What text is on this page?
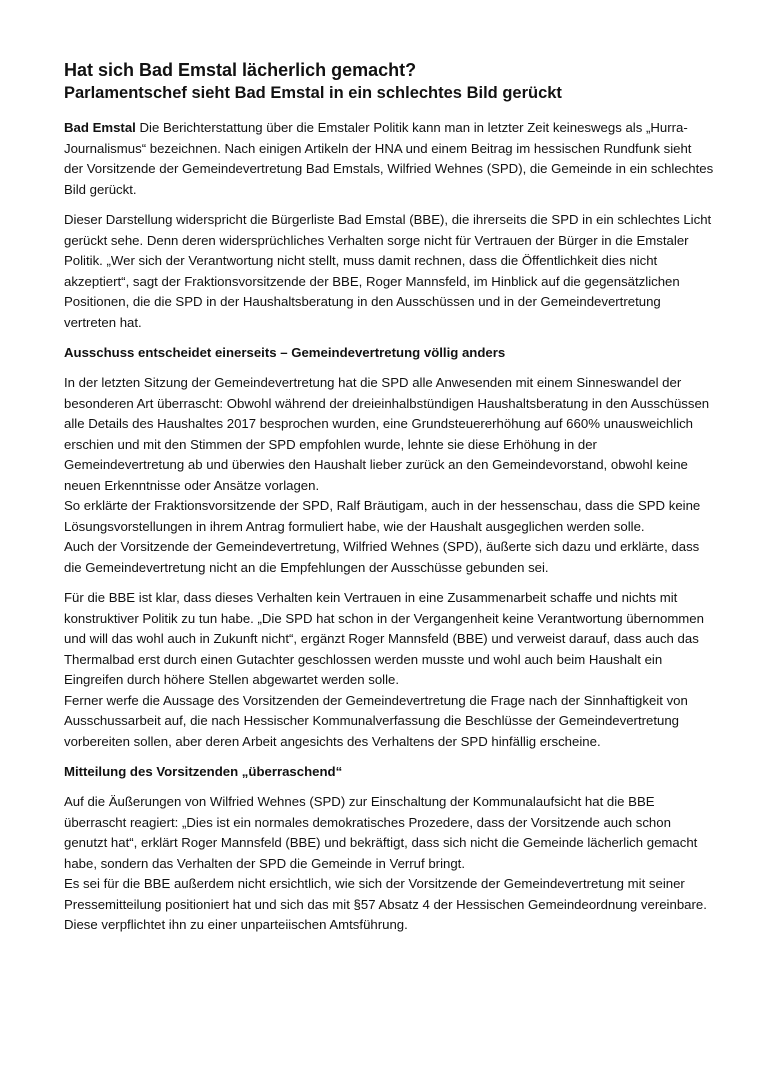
Hat sich Bad Emstal lächerlich gemacht?
Parlamentschef sieht Bad Emstal in ein schlechtes Bild gerückt

Bad Emstal Die Berichterstattung über die Emstaler Politik kann man in letzter Zeit keineswegs als „Hurra-Journalismus“ bezeichnen. Nach einigen Artikeln der HNA und einem Beitrag im hessischen Rundfunk sieht der Vorsitzende der Gemeindevertretung Bad Emstals, Wilfried Wehnes (SPD), die Gemeinde in ein schlechtes Bild gerückt.

Dieser Darstellung widerspricht die Bürgerliste Bad Emstal (BBE), die ihrerseits die SPD in ein schlechtes Licht gerückt sehe. Denn deren widersprüchliches Verhalten sorge nicht für Vertrauen der Bürger in die Emstaler Politik. „Wer sich der Verantwortung nicht stellt, muss damit rechnen, dass die Öffentlichkeit dies nicht akzeptiert“, sagt der Fraktionsvorsitzende der BBE, Roger Mannsfeld, im Hinblick auf die gegensätzlichen Positionen, die die SPD in der Haushaltsberatung in den Ausschüssen und in der Gemeindevertretung vertreten hat.

Ausschuss entscheidet einerseits – Gemeindevertretung völlig anders

In der letzten Sitzung der Gemeindevertretung hat die SPD alle Anwesenden mit einem Sinneswandel der besonderen Art überrascht: Obwohl während der dreieinhalbstündigen Haushaltsberatung in den Ausschüssen alle Details des Haushaltes 2017 besprochen wurden, eine Grundsteuererhöhung auf 660% unausweichlich erschien und mit den Stimmen der SPD empfohlen wurde, lehnte sie diese Erhöhung in der Gemeindevertretung ab und überwies den Haushalt lieber zurück an den Gemeindevorstand, obwohl keine neuen Erkenntnisse oder Ansätze vorlagen.
So erklärte der Fraktionsvorsitzende der SPD, Ralf Bräutigam, auch in der hessenschau, dass die SPD keine Lösungsvorstellungen in ihrem Antrag formuliert habe, wie der Haushalt ausgeglichen werden solle.
Auch der Vorsitzende der Gemeindevertretung, Wilfried Wehnes (SPD), äußerte sich dazu und erklärte, dass die Gemeindevertretung nicht an die Empfehlungen der Ausschüsse gebunden sei.

Für die BBE ist klar, dass dieses Verhalten kein Vertrauen in eine Zusammenarbeit schaffe und nichts mit konstruktiver Politik zu tun habe. „Die SPD hat schon in der Vergangenheit keine Verantwortung übernommen und will das wohl auch in Zukunft nicht“, ergänzt Roger Mannsfeld (BBE) und verweist darauf, dass auch das Thermalbad erst durch einen Gutachter geschlossen werden musste und wohl auch beim Haushalt ein Eingreifen durch höhere Stellen abgewartet werden solle.
Ferner werfe die Aussage des Vorsitzenden der Gemeindevertretung die Frage nach der Sinnhaftigkeit von Ausschussarbeit auf, die nach Hessischer Kommunalverfassung die Beschlüsse der Gemeindevertretung vorbereiten sollen, aber deren Arbeit angesichts des Verhaltens der SPD hinfällig erscheine.

Mitteilung des Vorsitzenden „überraschend“

Auf die Äußerungen von Wilfried Wehnes (SPD) zur Einschaltung der Kommunalaufsicht hat die BBE überrascht reagiert: „Dies ist ein normales demokratisches Prozedere, dass der Vorsitzende auch schon genutzt hat“, erklärt Roger Mannsfeld (BBE) und bekräftigt, dass sich nicht die Gemeinde lächerlich gemacht habe, sondern das Verhalten der SPD die Gemeinde in Verruf bringt.
Es sei für die BBE außerdem nicht ersichtlich, wie sich der Vorsitzende der Gemeindevertretung mit seiner Pressemitteilung positioniert hat und sich das mit §57 Absatz 4 der Hessischen Gemeindeordnung vereinbare. Diese verpflichtet ihn zu einer unparteiischen Amtsführung.
